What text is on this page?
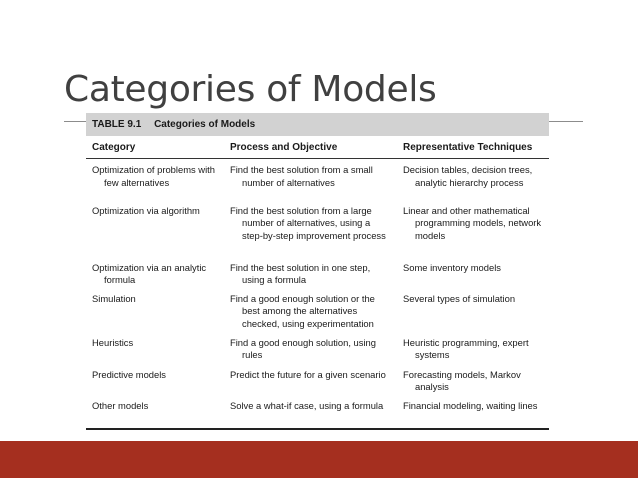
Categories of Models
TABLE 9.1 Categories of Models
Category	Process and Objective	Representative Techniques

Optimization of problems with few alternatives	Find the best solution from a small number of alternatives	Decision tables, decision trees, analytic hierarchy process

Optimization via algorithm	Find the best solution from a large number of alternatives, using a step-by-step improvement process	Linear and other mathematical programming models, network models

Optimization via an analytic formula	Find the best solution in one step, using a formula	Some inventory models

Simulation	Find a good enough solution or the best among the alternatives checked, using experimentation	Several types of simulation

Heuristics	Find a good enough solution, using rules	Heuristic programming, expert systems

Predictive models	Predict the future for a given scenario	Forecasting models, Markov analysis

Other models	Solve a what-if case, using a formula	Financial modeling, waiting lines
